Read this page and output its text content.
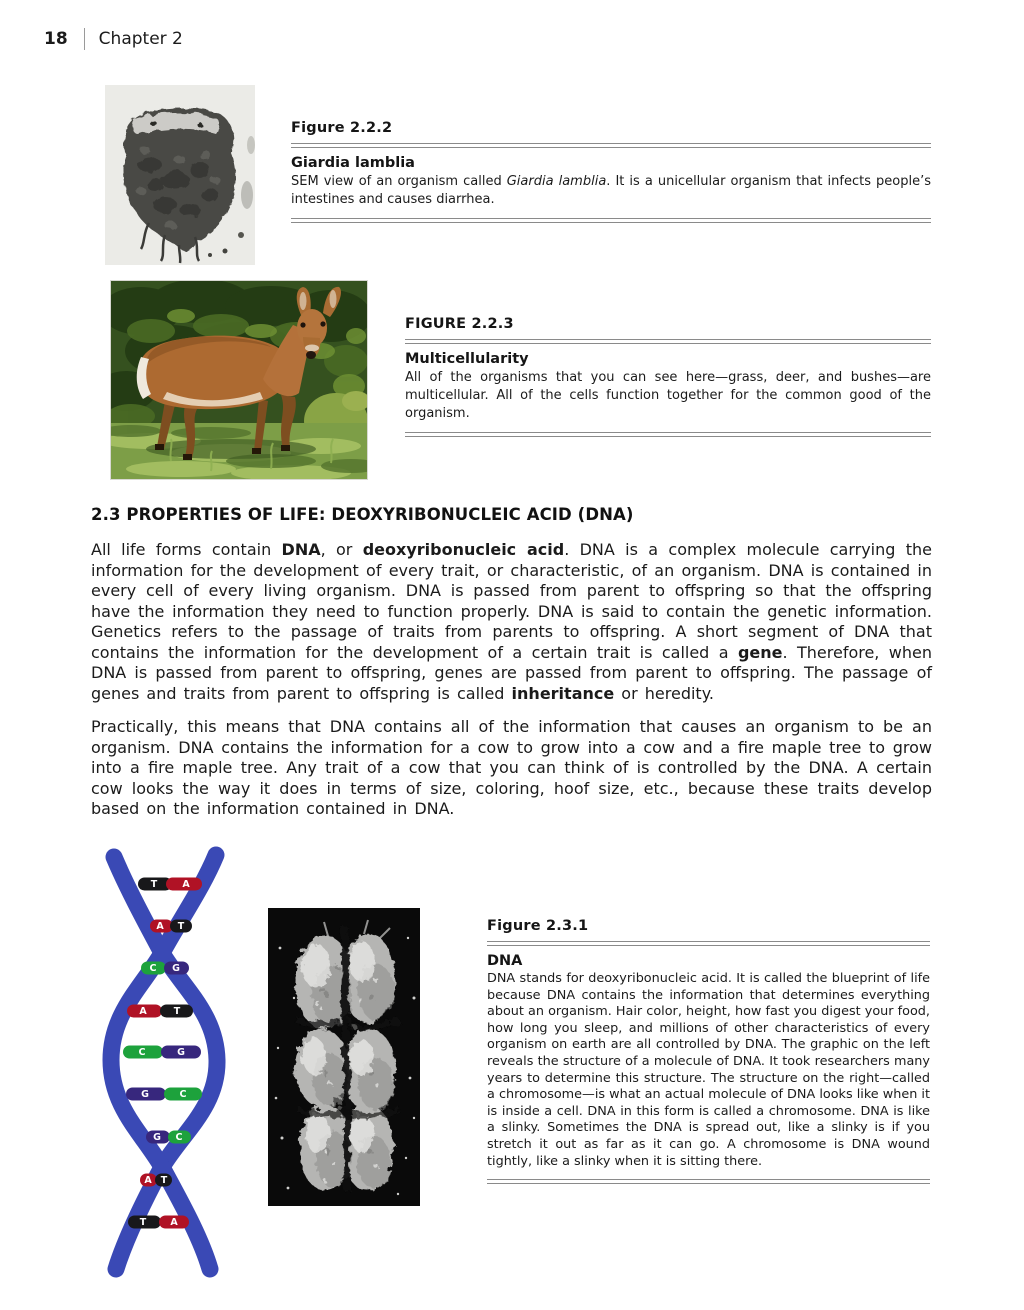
18 Chapter 2
Figure 2.2.2
Giardia lamblia
SEM view of an organism called Giardia lamblia. It is a unicellular organism that infects people’s intestines and causes diarrhea.
FIGURE 2.2.3
Multicellularity
All of the organisms that you can see here—grass, deer, and bushes—are multicellular. All of the cells function together for the common good of the organism.
2.3 PROPERTIES OF LIFE: DEOXYRIBONUCLEIC ACID (DNA)

All life forms contain DNA, or deoxyribonucleic acid. DNA is a complex molecule carrying the information for the development of every trait, or characteristic, of an organism. DNA is contained in every cell of every living organism. DNA is passed from parent to offspring so that the offspring have the information they need to function properly. DNA is said to contain the genetic information. Genetics refers to the passage of traits from parents to offspring. A short segment of DNA that contains the information for the development of a certain trait is called a gene. Therefore, when DNA is passed from parent to offspring, genes are passed from parent to offspring. The passage of genes and traits from parent to offspring is called inheritance or heredity.

Practically, this means that DNA contains all of the information that causes an organism to be an organism. DNA contains the information for a cow to grow into a cow and a fire maple tree to grow into a fire maple tree. Any trait of a cow that you can think of is controlled by the DNA. A certain cow looks the way it does in terms of size, coloring, hoof size, etc., because these traits develop based on the information contained in DNA.

T	A
A T
C G
A	T
C	G
G	C
G C
A T
T	A
Figure 2.3.1
DNA
DNA stands for deoxyribonucleic acid. It is called the blueprint of life because DNA contains the information that determines everything about an organism. Hair color, height, how fast you digest your food, how long you sleep, and millions of other characteristics of every organism on earth are all controlled by DNA. The graphic on the left reveals the structure of a molecule of DNA. It took researchers many years to determine this structure. The structure on the right—called a chromosome—is what an actual molecule of DNA looks like when it is inside a cell. DNA in this form is called a chromosome. DNA is like a slinky. Sometimes the DNA is spread out, like a slinky is if you stretch it out as far as it can go. A chromosome is DNA wound tightly, like a slinky when it is sitting there.
